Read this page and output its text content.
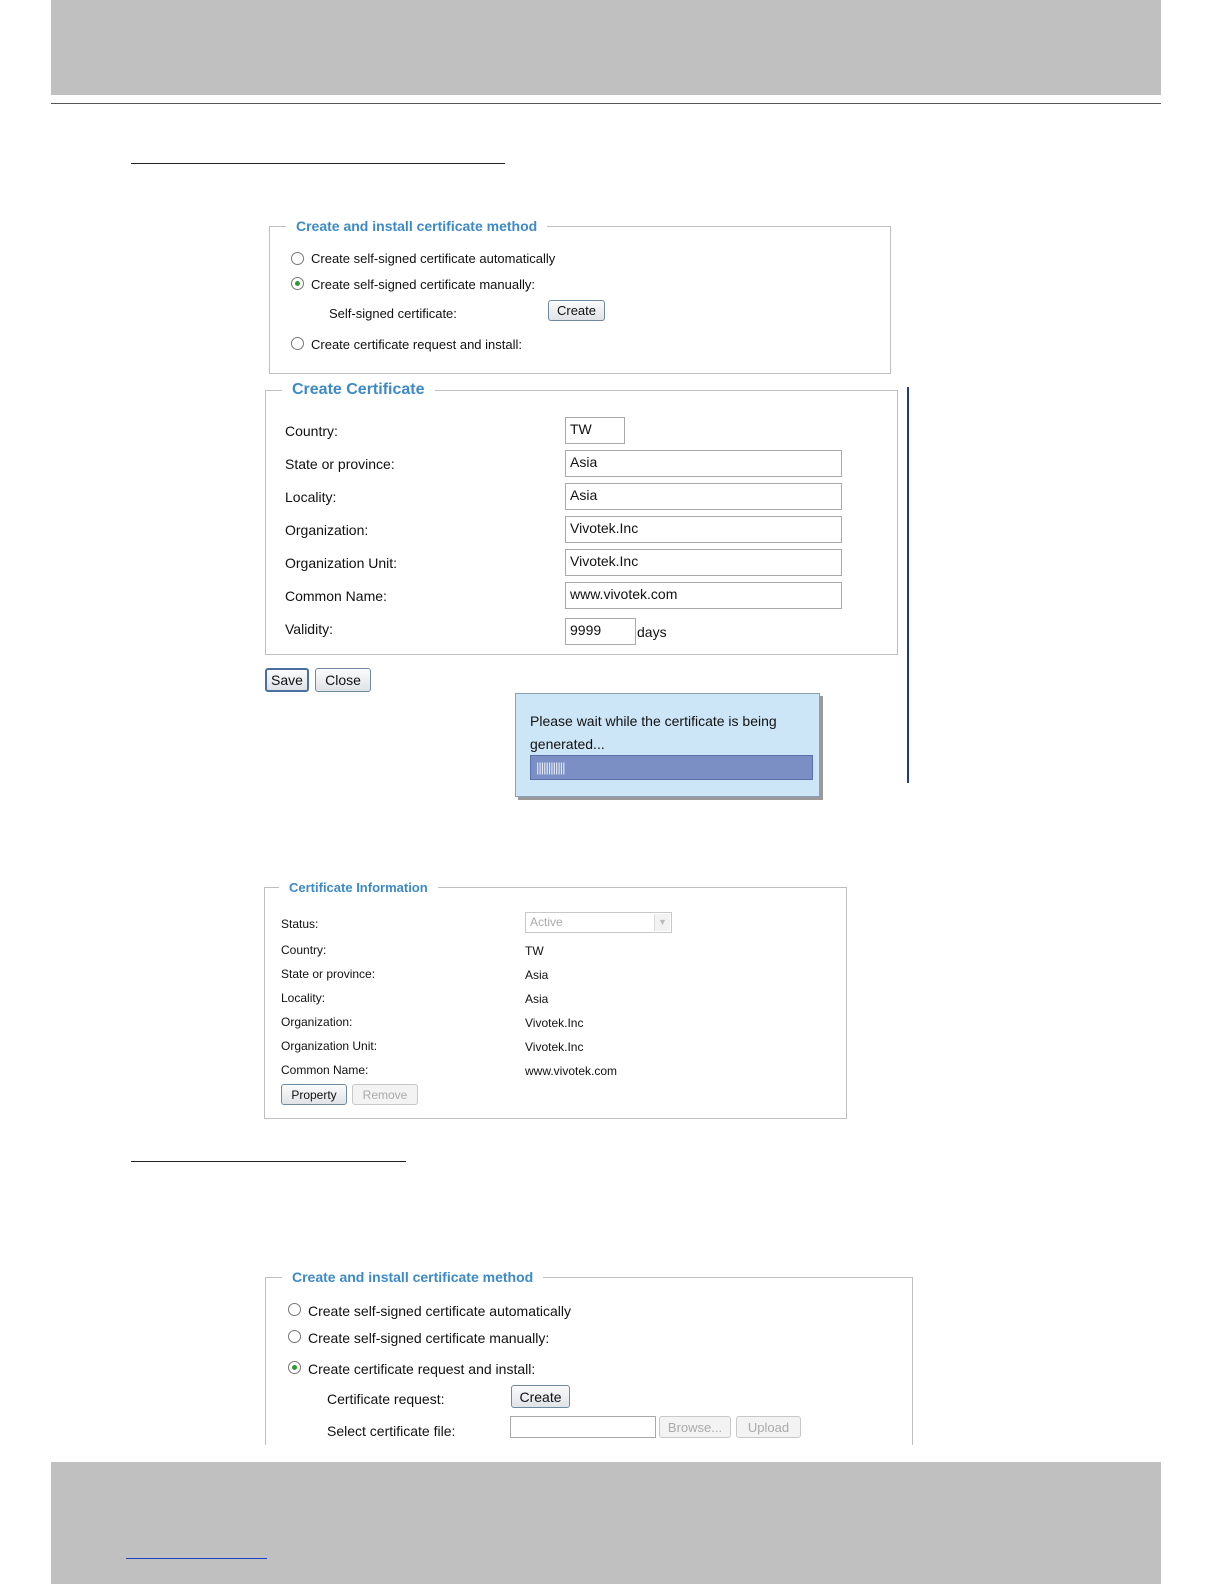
Create and install certificate method
Create self-signed certificate automatically
Create self-signed certificate manually:
Self-signed certificate:	Create
Create certificate request and install:
Create Certificate
Country:	TW
State or province:	Asia
Locality:	Asia
Organization:	Vivotek.Inc
Organization Unit:	Vivotek.Inc
Common Name:	www.vivotek.com
Validity:	9999	days
Save	Close
Please wait while the certificate is being generated...
||||||||||||
Certificate Information
Status:	Active	▼
Country:	TW
State or province:	Asia
Locality:	Asia
Organization:	Vivotek.Inc
Organization Unit:	Vivotek.Inc
Common Name:	www.vivotek.com
Property	Remove
Create and install certificate method
Create self-signed certificate automatically
Create self-signed certificate manually:
Create certificate request and install:
Certificate request:	Create
Select certificate file:	Browse...	Upload
